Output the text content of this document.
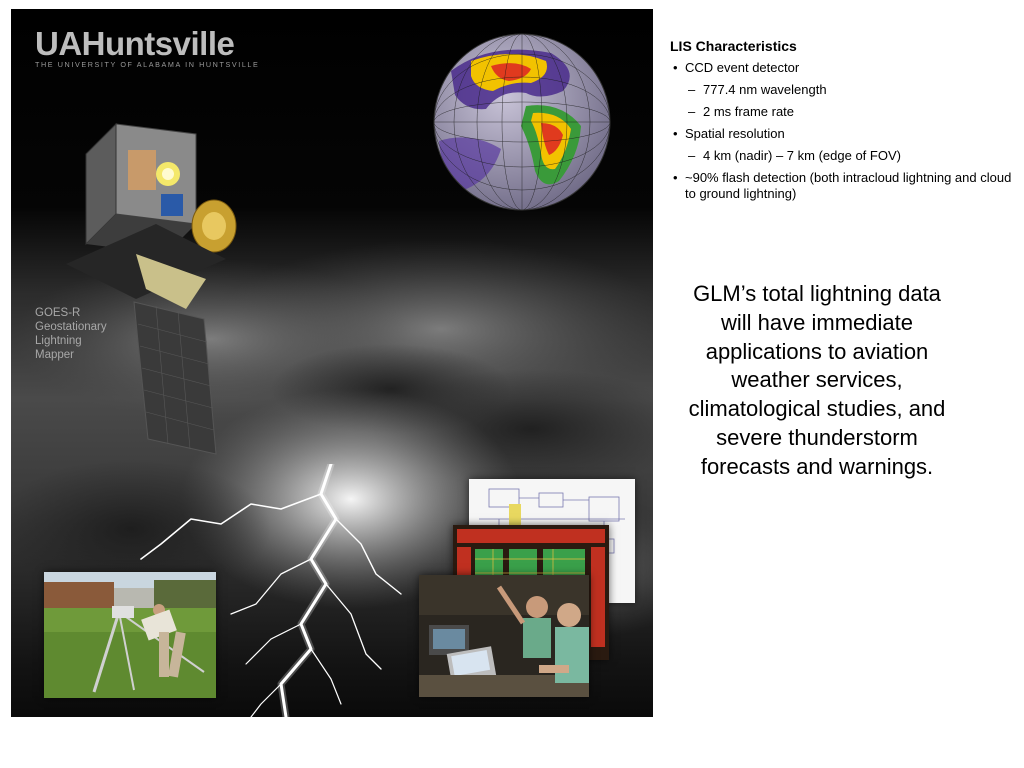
UAHuntsville
THE UNIVERSITY OF ALABAMA IN HUNTSVILLE
GOES-R
Geostationary
Lightning
Mapper
LIS Characteristics
• CCD event detector
– 777.4 nm wavelength
– 2 ms frame rate
• Spatial resolution
– 4 km (nadir) – 7 km (edge of FOV)
• ~90% flash detection (both intracloud lightning and cloud to ground lightning)
GLM’s total lightning data will have immediate applications to aviation weather services, climatological studies, and severe thunderstorm forecasts and warnings.
